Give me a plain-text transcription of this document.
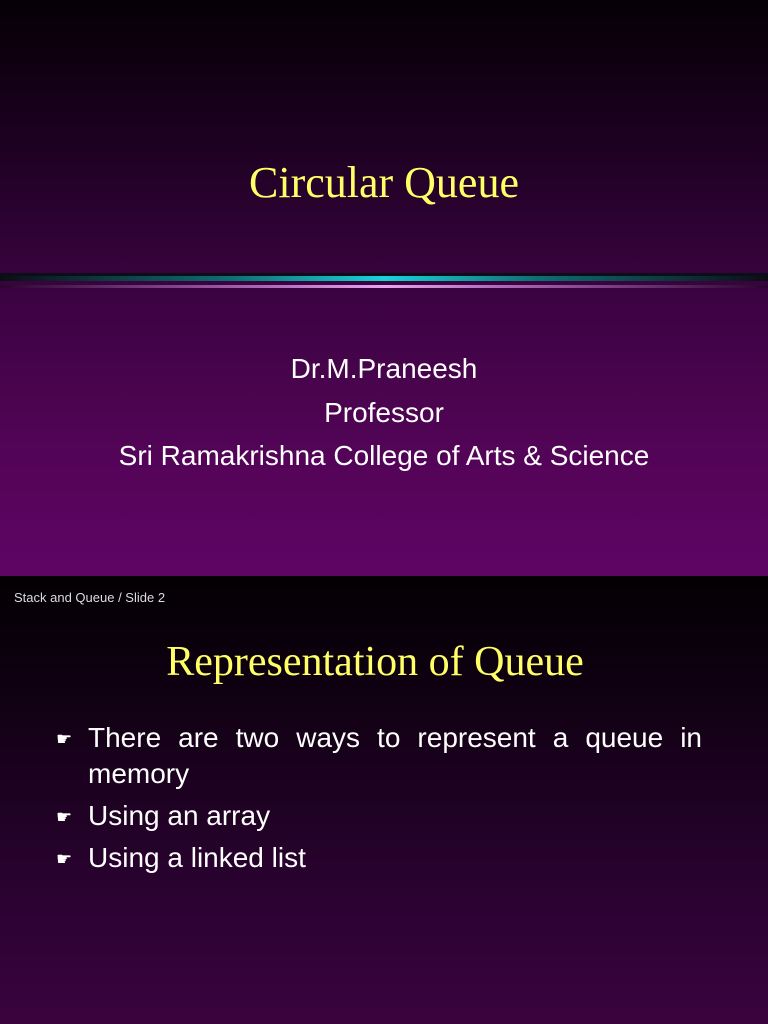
Circular Queue
Dr.M.Praneesh
Professor
Sri Ramakrishna College of Arts & Science
Stack and Queue / Slide 2
Representation of Queue
☛ There are two ways to represent a queue in memory
☛ Using an array
☛ Using a linked list
